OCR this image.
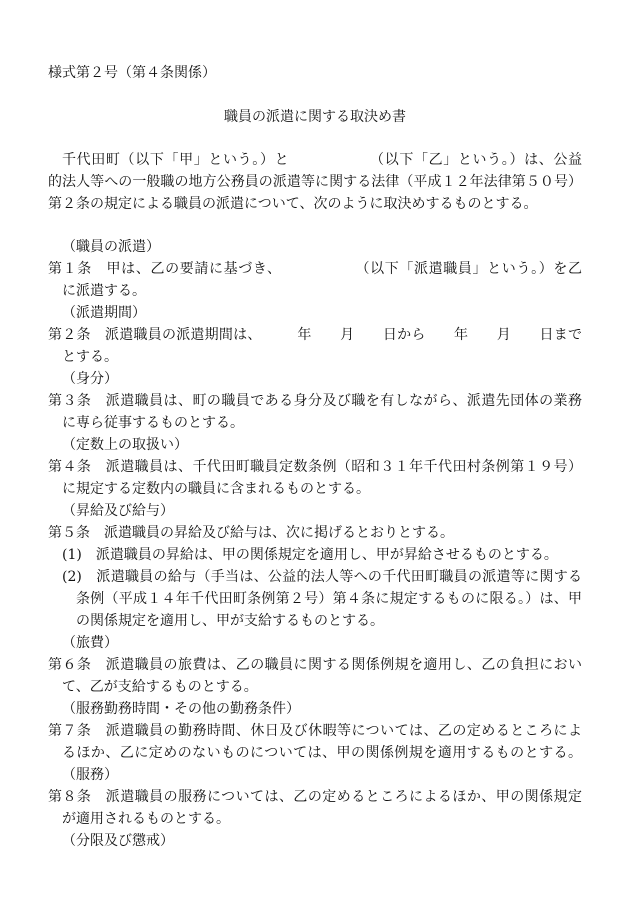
様式第２号（第４条関係）
職員の派遣に関する取決め書
千代田町（以下「甲」という。）と　　　　　　（以下「乙」という。）は、公益
的法人等への一般職の地方公務員の派遣等に関する法律（平成１２年法律第５０号）
第２条の規定による職員の派遣について、次のように取決めするものとする。
（職員の派遣）
第１条　甲は、乙の要請に基づき、　　　　　　（以下「派遣職員」という。）を乙
に派遣する。
（派遣期間）
第２条　派遣職員の派遣期間は、　　　年　　月　　日から　　年　　月　　日まで
とする。
（身分）
第３条　派遣職員は、町の職員である身分及び職を有しながら、派遣先団体の業務
に専ら従事するものとする。
（定数上の取扱い）
第４条　派遣職員は、千代田町職員定数条例（昭和３１年千代田村条例第１９号）
に規定する定数内の職員に含まれるものとする。
（昇給及び給与）
第５条　派遣職員の昇給及び給与は、次に掲げるとおりとする。
(1)　派遣職員の昇給は、甲の関係規定を適用し、甲が昇給させるものとする。
(2)　派遣職員の給与（手当は、公益的法人等への千代田町職員の派遣等に関する
条例（平成１４年千代田町条例第２号）第４条に規定するものに限る。）は、甲
の関係規定を適用し、甲が支給するものとする。
（旅費）
第６条　派遣職員の旅費は、乙の職員に関する関係例規を適用し、乙の負担におい
て、乙が支給するものとする。
（服務勤務時間・その他の勤務条件）
第７条　派遣職員の勤務時間、休日及び休暇等については、乙の定めるところによ
るほか、乙に定めのないものについては、甲の関係例規を適用するものとする。
（服務）
第８条　派遣職員の服務については、乙の定めるところによるほか、甲の関係規定
が適用されるものとする。
（分限及び懲戒）
